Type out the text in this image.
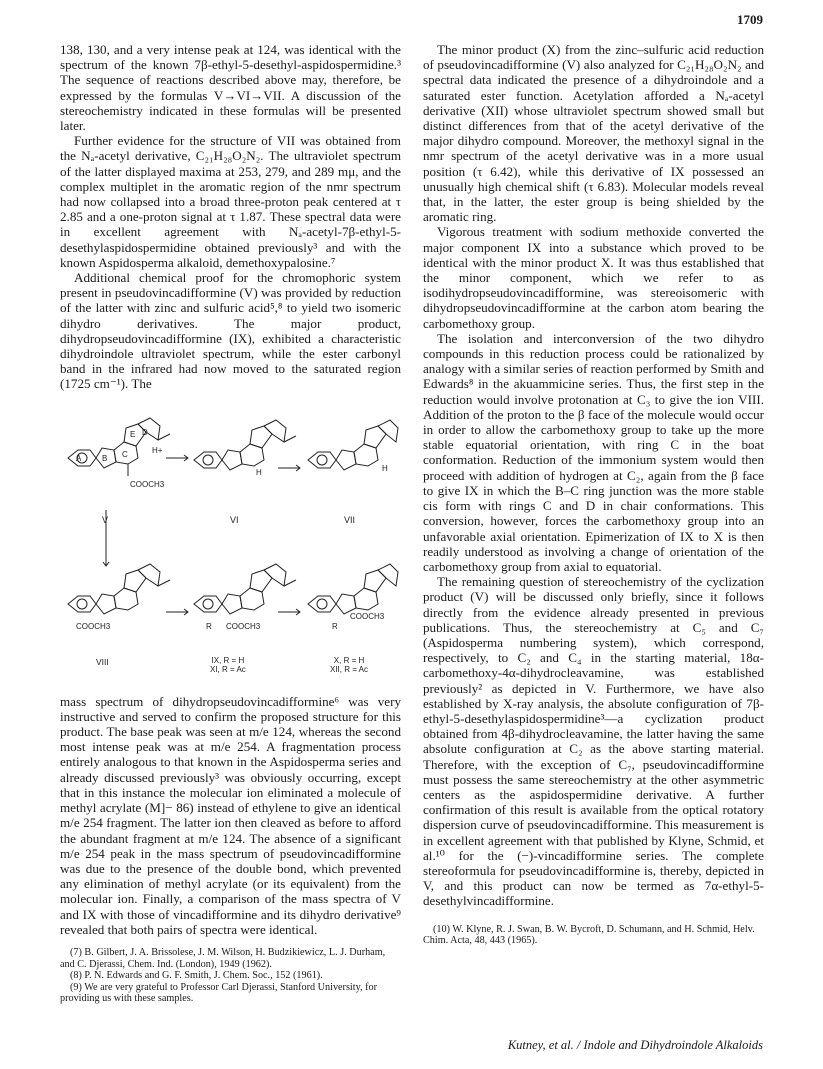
1709

138, 130, and a very intense peak at 124, was identical with the spectrum of the known 7β-ethyl-5-desethyl-aspidospermidine.³ The sequence of reactions described above may, therefore, be expressed by the formulas V→VI→VII. A discussion of the stereochemistry indicated in these formulas will be presented later.

Further evidence for the structure of VII was obtained from the Nₐ-acetyl derivative, C₂₁H₂₈O₂N₂. The ultraviolet spectrum of the latter displayed maxima at 253, 279, and 289 mμ, and the complex multiplet in the aromatic region of the nmr spectrum had now collapsed into a broad three-proton peak centered at τ 2.85 and a one-proton signal at τ 1.87. These spectral data were in excellent agreement with Nₐ-acetyl-7β-ethyl-5-desethylaspidospermidine obtained previously³ and with the known Aspidosperma alkaloid, demethoxypalosine.⁷

Additional chemical proof for the chromophoric system present in pseudovincadifformine (V) was provided by reduction of the latter with zinc and sulfuric acid⁵,⁸ to yield two isomeric dihydro derivatives. The major product, dihydropseudovincadifformine (IX), exhibited a characteristic dihydroindole ultraviolet spectrum, while the ester carbonyl band in the infrared had now moved to the saturated region (1725 cm⁻¹). The

A	B C
D
E
H+
COOCH3
H	H
V	VI	VII
COOCH3	R COOCH3	R
COOCH3
VIII	IX, R = H
XI, R = Ac
X, R = H
XII, R = Ac

mass spectrum of dihydropseudovincadifformine⁶ was very instructive and served to confirm the proposed structure for this product. The base peak was seen at m/e 124, whereas the second most intense peak was at m/e 254. A fragmentation process entirely analogous to that known in the Aspidosperma series and already discussed previously³ was obviously occurring, except that in this instance the molecular ion eliminated a molecule of methyl acrylate (M]− 86) instead of ethylene to give an identical m/e 254 fragment. The latter ion then cleaved as before to afford the abundant fragment at m/e 124. The absence of a significant m/e 254 peak in the mass spectrum of pseudovincadifformine was due to the presence of the double bond, which prevented any elimination of methyl acrylate (or its equivalent) from the molecular ion. Finally, a comparison of the mass spectra of V and IX with those of vincadifformine and its dihydro derivative⁹ revealed that both pairs of spectra were identical.

(7) B. Gilbert, J. A. Brissolese, J. M. Wilson, H. Budzikiewicz, L. J. Durham, and C. Djerassi, Chem. Ind. (London), 1949 (1962).

(8) P. N. Edwards and G. F. Smith, J. Chem. Soc., 152 (1961).

(9) We are very grateful to Professor Carl Djerassi, Stanford University, for providing us with these samples.

The minor product (X) from the zinc–sulfuric acid reduction of pseudovincadifformine (V) also analyzed for C₂₁H₂₈O₂N₂ and spectral data indicated the presence of a dihydroindole and a saturated ester function. Acetylation afforded a Nₐ-acetyl derivative (XII) whose ultraviolet spectrum showed small but distinct differences from that of the acetyl derivative of the major dihydro compound. Moreover, the methoxyl signal in the nmr spectrum of the acetyl derivative was in a more usual position (τ 6.42), while this derivative of IX possessed an unusually high chemical shift (τ 6.83). Molecular models reveal that, in the latter, the ester group is being shielded by the aromatic ring.

Vigorous treatment with sodium methoxide converted the major component IX into a substance which proved to be identical with the minor product X. It was thus established that the minor component, which we refer to as isodihydropseudovincadifformine, was stereoisomeric with dihydropseudovincadifformine at the carbon atom bearing the carbomethoxy group.

The isolation and interconversion of the two dihydro compounds in this reduction process could be rationalized by analogy with a similar series of reaction performed by Smith and Edwards⁸ in the akuammicine series. Thus, the first step in the reduction would involve protonation at C₃ to give the ion VIII. Addition of the proton to the β face of the molecule would occur in order to allow the carbomethoxy group to take up the more stable equatorial orientation, with ring C in the boat conformation. Reduction of the immonium system would then proceed with addition of hydrogen at C₂, again from the β face to give IX in which the B–C ring junction was the more stable cis form with rings C and D in chair conformations. This conversion, however, forces the carbomethoxy group into an unfavorable axial orientation. Epimerization of IX to X is then readily understood as involving a change of orientation of the carbomethoxy group from axial to equatorial.

The remaining question of stereochemistry of the cyclization product (V) will be discussed only briefly, since it follows directly from the evidence already presented in previous publications. Thus, the stereochemistry at C₅ and C₇ (Aspidosperma numbering system), which correspond, respectively, to C₂ and C₄ in the starting material, 18α-carbomethoxy-4α-dihydrocleavamine, was established previously² as depicted in V. Furthermore, we have also established by X-ray analysis, the absolute configuration of 7β-ethyl-5-desethylaspidospermidine³—a cyclization product obtained from 4β-dihydrocleavamine, the latter having the same absolute configuration at C₂ as the above starting material. Therefore, with the exception of C₇, pseudovincadifformine must possess the same stereochemistry at the other asymmetric centers as the aspidospermidine derivative. A further confirmation of this result is available from the optical rotatory dispersion curve of pseudovincadifformine. This measurement is in excellent agreement with that published by Klyne, Schmid, et al.¹⁰ for the (−)-vincadifformine series. The complete stereoformula for pseudovincadifformine is, thereby, depicted in V, and this product can now be termed as 7α-ethyl-5-desethylvincadifformine.

(10) W. Klyne, R. J. Swan, B. W. Bycroft, D. Schumann, and H. Schmid, Helv. Chim. Acta, 48, 443 (1965).

Kutney, et al. / Indole and Dihydroindole Alkaloids
